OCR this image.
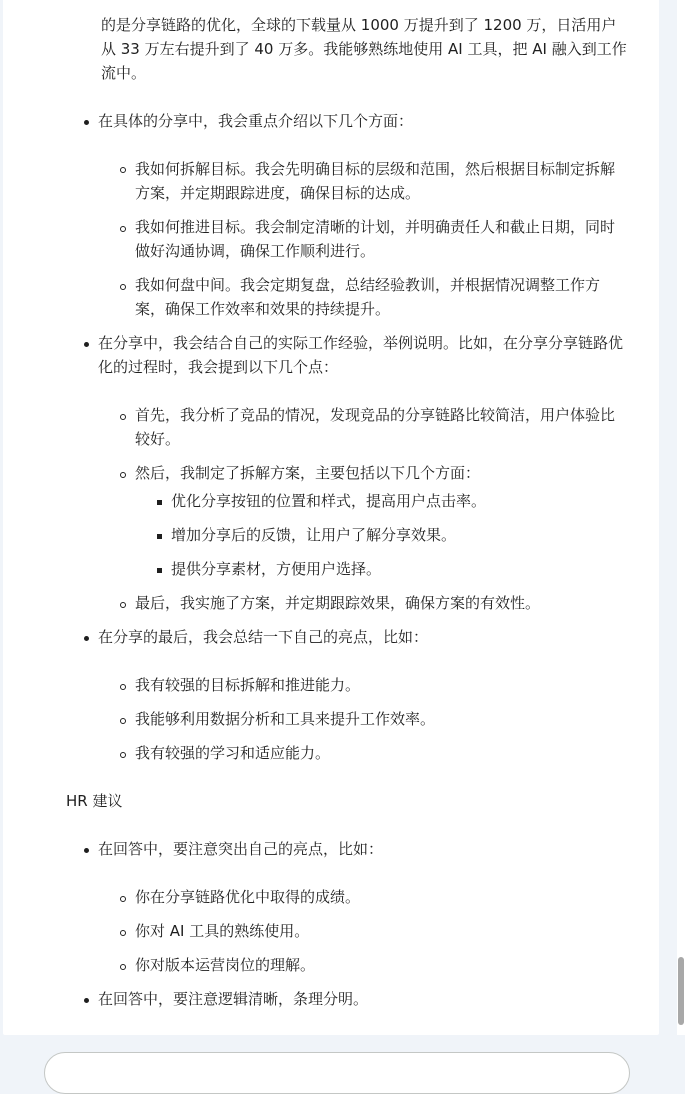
的是分享链路的优化，全球的下载量从 1000 万提升到了 1200 万，日活用户从 33 万左右提升到了 40 万多。我能够熟练地使用 AI 工具，把 AI 融入到工作流中。
在具体的分享中，我会重点介绍以下几个方面：
我如何拆解目标。我会先明确目标的层级和范围，然后根据目标制定拆解方案，并定期跟踪进度，确保目标的达成。
我如何推进目标。我会制定清晰的计划，并明确责任人和截止日期，同时做好沟通协调，确保工作顺利进行。
我如何盘中间。我会定期复盘，总结经验教训，并根据情况调整工作方案，确保工作效率和效果的持续提升。
在分享中，我会结合自己的实际工作经验，举例说明。比如，在分享分享链路优化的过程时，我会提到以下几个点：
首先，我分析了竞品的情况，发现竞品的分享链路比较简洁，用户体验比较好。
然后，我制定了拆解方案，主要包括以下几个方面：
优化分享按钮的位置和样式，提高用户点击率。
增加分享后的反馈，让用户了解分享效果。
提供分享素材，方便用户选择。
最后，我实施了方案，并定期跟踪效果，确保方案的有效性。
在分享的最后，我会总结一下自己的亮点，比如：
我有较强的目标拆解和推进能力。
我能够利用数据分析和工具来提升工作效率。
我有较强的学习和适应能力。
HR 建议
在回答中，要注意突出自己的亮点，比如：
你在分享链路优化中取得的成绩。
你对 AI 工具的熟练使用。
你对版本运营岗位的理解。
在回答中，要注意逻辑清晰，条理分明。
